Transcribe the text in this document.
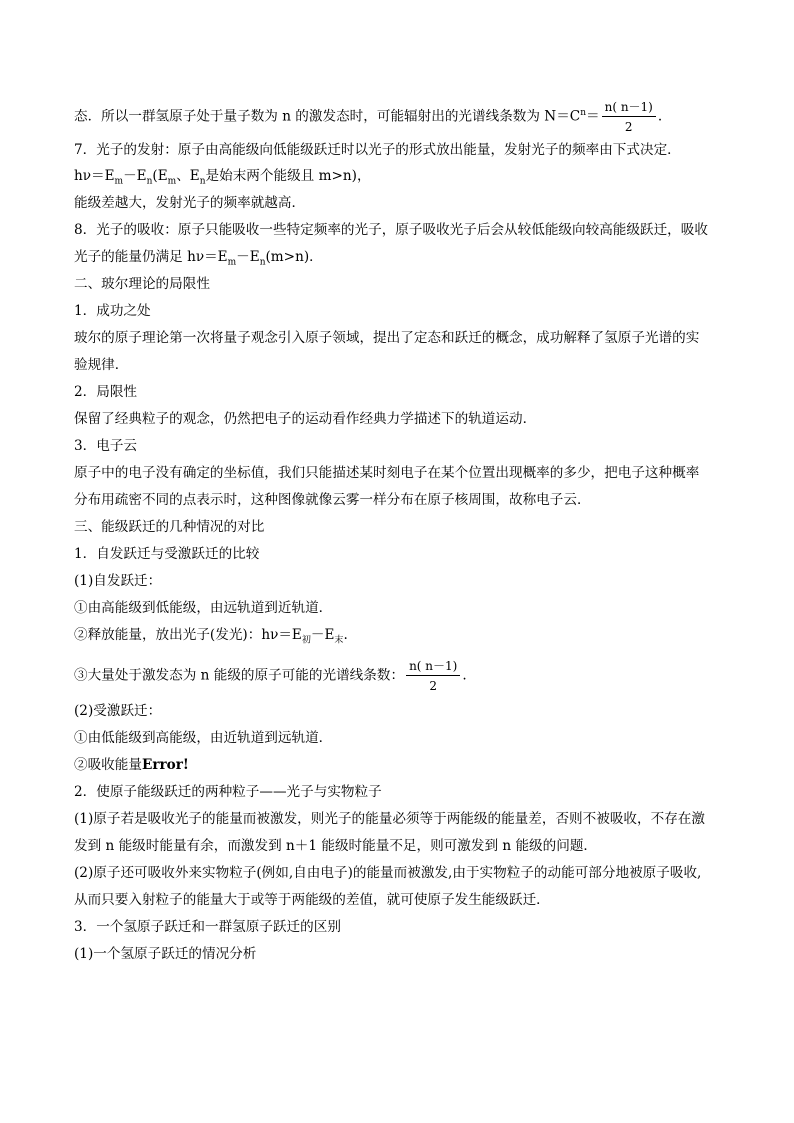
态．所以一群氢原子处于量子数为 n 的激发态时，可能辐射出的光谱线条数为 $N=C^n= \frac{n( n-1)}{2}$ .
7．光子的发射：原子由高能级向低能级跃迁时以光子的形式放出能量，发射光子的频率由下式决定．
$h\nu=E_m-E_n(E_m$、$E_n$是始末两个能级且 m>n)，
能级差越大，发射光子的频率就越高．
8．光子的吸收：原子只能吸收一些特定频率的光子，原子吸收光子后会从较低能级向较高能级跃迁，吸收
光子的能量仍满足 $h\nu=E_m-E_n(m>n)$．
二、玻尔理论的局限性
1．成功之处
玻尔的原子理论第一次将量子观念引入原子领域，提出了定态和跃迁的概念，成功解释了氢原子光谱的实
验规律．
2．局限性
保留了经典粒子的观念，仍然把电子的运动看作经典力学描述下的轨道运动．
3．电子云
原子中的电子没有确定的坐标值，我们只能描述某时刻电子在某个位置出现概率的多少，把电子这种概率
分布用疏密不同的点表示时，这种图像就像云雾一样分布在原子核周围，故称电子云．
三、能级跃迁的几种情况的对比
1．自发跃迁与受激跃迁的比较
(1)自发跃迁：
①由高能级到低能级，由远轨道到近轨道．
②释放能量，放出光子(发光)：$h\nu=E_初-E_末$.
③大量处于激发态为 n 能级的原子可能的光谱线条数： $\frac{n( n-1)}{2}$ .
(2)受激跃迁：
①由低能级到高能级，由近轨道到远轨道．
②吸收能量Error!
2．使原子能级跃迁的两种粒子——光子与实物粒子
(1)原子若是吸收光子的能量而被激发，则光子的能量必须等于两能级的能量差，否则不被吸收，不存在激
发到 n 能级时能量有余，而激发到 n＋1 能级时能量不足，则可激发到 n 能级的问题．
(2)原子还可吸收外来实物粒子(例如,自由电子)的能量而被激发,由于实物粒子的动能可部分地被原子吸收,
从而只要入射粒子的能量大于或等于两能级的差值，就可使原子发生能级跃迁．
3．一个氢原子跃迁和一群氢原子跃迁的区别
(1)一个氢原子跃迁的情况分析
